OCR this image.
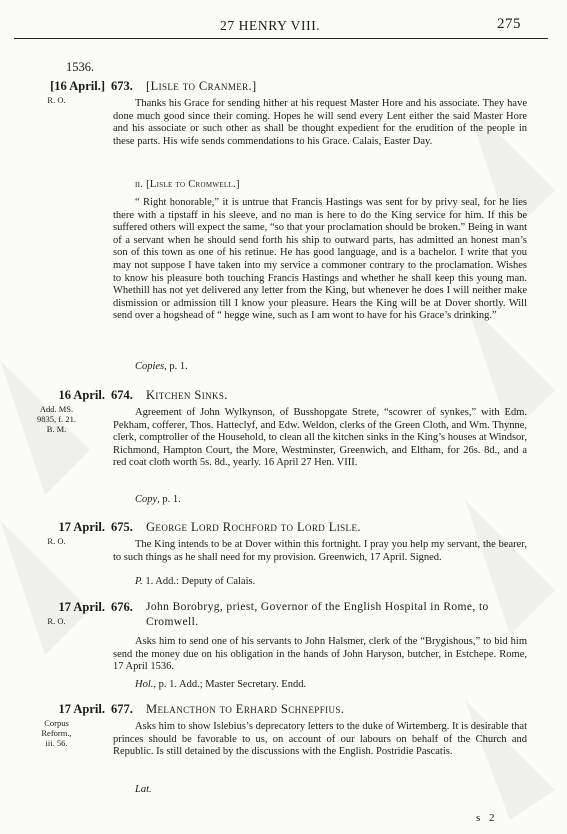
27 HENRY VIII.	275
1536.
[16 April.]
R. O.
673. [Lisle to Cranmer.]
Thanks his Grace for sending hither at his request Master Hore and his associate. They have done much good since their coming. Hopes he will send every Lent either the said Master Hore and his associate or such other as shall be thought expedient for the erudition of the people in these parts. His wife sends commendations to his Grace. Calais, Easter Day.
ii. [Lisle to Cromwell.]
“ Right honorable,” it is untrue that Francis Hastings was sent for by privy seal, for he lies there with a tipstaff in his sleeve, and no man is here to do the King service for him. If this be suffered others will expect the same, “so that your proclamation should be broken.” Being in want of a servant when he should send forth his ship to outward parts, has admitted an honest man’s son of this town as one of his retinue. He has good language, and is a bachelor. I write that you may not suppose I have taken into my service a commoner contrary to the proclamation. Wishes to know his pleasure both touching Francis Hastings and whether he shall keep this young man. Whethill has not yet delivered any letter from the King, but whenever he does I will neither make dismission or admission till I know your pleasure. Hears the King will be at Dover shortly. Will send over a hogshead of “ hegge wine, such as I am wont to have for his Grace’s drinking.”
Copies, p. 1.
16 April.
Add. MS.
9835, f. 21.
B. M.
674. Kitchen Sinks.
Agreement of John Wylkynson, of Busshopgate Strete, “scowrer of synkes,” with Edm. Pekham, cofferer, Thos. Hatteclyf, and Edw. Weldon, clerks of the Green Cloth, and Wm. Thynne, clerk, comptroller of the Household, to clean all the kitchen sinks in the King’s houses at Windsor, Richmond, Hampton Court, the More, Westminster, Greenwich, and Eltham, for 26s. 8d., and a red coat cloth worth 5s. 8d., yearly. 16 April 27 Hen. VIII.
Copy, p. 1.
17 April.
R. O.
675. George Lord Rochford to Lord Lisle.
The King intends to be at Dover within this fortnight. I pray you help my servant, the bearer, to such things as he shall need for my provision. Greenwich, 17 April. Signed.
P. 1. Add.: Deputy of Calais.
17 April.
R. O.
676. John Borobryg, priest, Governor of the English Hospital in Rome, to Cromwell.
Asks him to send one of his servants to John Halsmer, clerk of the “Brygishous,” to bid him send the money due on his obligation in the hands of John Haryson, butcher, in Estchepe. Rome, 17 April 1536.
Hol., p. 1. Add.; Master Secretary. Endd.
17 April.
Corpus
Reform.,
iii. 56.
677. Melancthon to Erhard Schnepfius.
Asks him to show Islebius’s deprecatory letters to the duke of Wirtemberg. It is desirable that princes should be favorable to us, on account of our labours on behalf of the Church and Republic. Is still detained by the discussions with the English. Postridie Pascatis.
Lat.
s 2
